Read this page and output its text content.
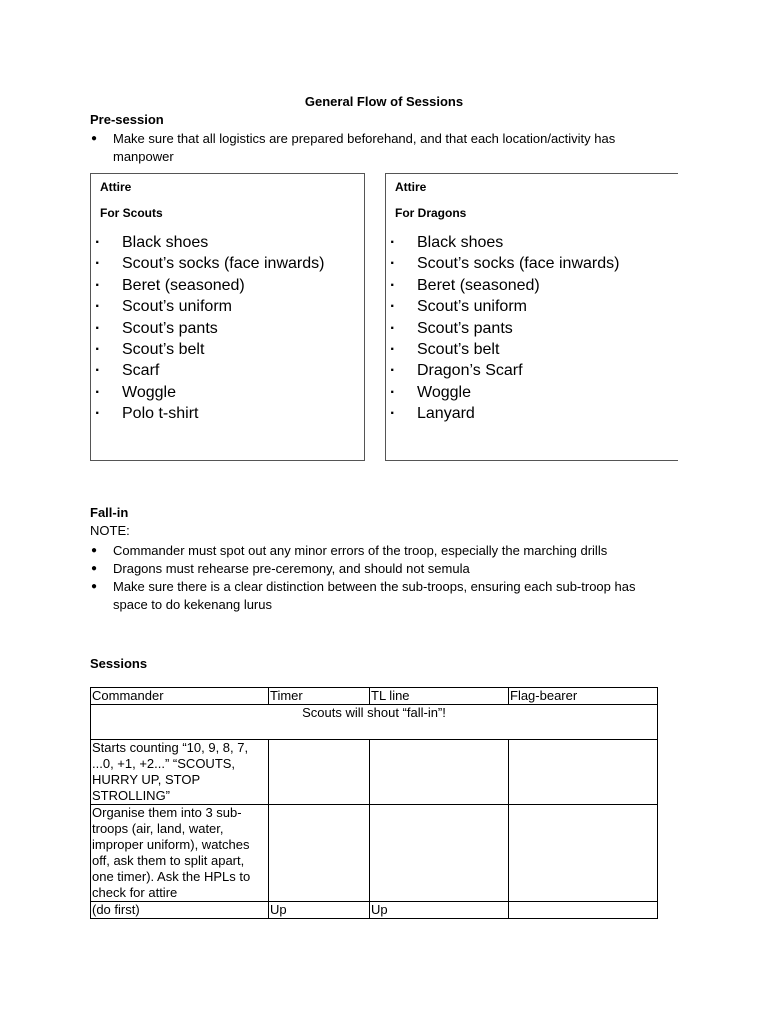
General Flow of Sessions
Pre-session
● Make sure that all logistics are prepared beforehand, and that each location/activity has manpower
Attire
For Scouts
· Black shoes
· Scout’s socks (face inwards)
· Beret (seasoned)
· Scout’s uniform
· Scout’s pants
· Scout’s belt
· Scarf
· Woggle
· Polo t-shirt
Attire
For Dragons
· Black shoes
· Scout’s socks (face inwards)
· Beret (seasoned)
· Scout’s uniform
· Scout’s pants
· Scout’s belt
· Dragon’s Scarf
· Woggle
· Lanyard
Fall-in
NOTE:
● Commander must spot out any minor errors of the troop, especially the marching drills
● Dragons must rehearse pre-ceremony, and should not semula
● Make sure there is a clear distinction between the sub-troops, ensuring each sub-troop has space to do kekenang lurus
Sessions
Commander	Timer	TL line	Flag-bearer
Scouts will shout “fall-in”!			
Starts counting “10, 9, 8, 7, ...0, +1, +2...” “SCOUTS, HURRY UP, STOP STROLLING”			
Organise them into 3 sub-troops (air, land, water, improper uniform), watches off, ask them to split apart, one timer). Ask the HPLs to check for attire			
(do first)	Up	Up	
